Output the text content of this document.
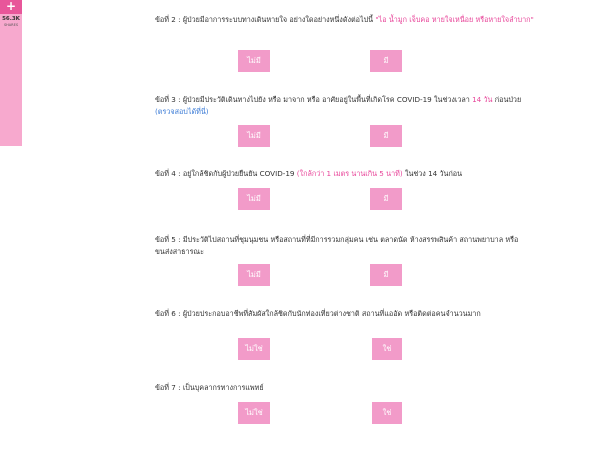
+
56.3K
SHARES
ข้อที่ 2 : ผู้ป่วยมีอาการระบบทางเดินหายใจ อย่างใดอย่างหนึ่งดังต่อไปนี้ "ไอ น้ำมูก เจ็บคอ หายใจเหนื่อย หรือหายใจลำบาก"
ไม่มี	มี
ข้อที่ 3 : ผู้ป่วยมีประวัติเดินทางไปยัง หรือ มาจาก หรือ อาศัยอยู่ในพื้นที่เกิดโรค COVID-19 ในช่วงเวลา 14 วัน ก่อนป่วย (ตรวจสอบได้ที่นี่)
ไม่มี	มี
ข้อที่ 4 : อยู่ใกล้ชิดกับผู้ป่วยยืนยัน COVID-19 (ใกล้กว่า 1 เมตร นานเกิน 5 นาที) ในช่วง 14 วันก่อน
ไม่มี	มี
ข้อที่ 5 : มีประวัติไปสถานที่ชุมนุมชน หรือสถานที่ที่มีการรวมกลุ่มคน เช่น ตลาดนัด ห้างสรรพสินค้า สถานพยาบาล หรือ ขนส่งสาธารณะ
ไม่มี	มี
ข้อที่ 6 : ผู้ป่วยประกอบอาชีพที่สัมผัสใกล้ชิดกับนักท่องเที่ยวต่างชาติ สถานที่แออัด หรือติดต่อคนจำนวนมาก
ไม่ใช่	ใช่
ข้อที่ 7 : เป็นบุคลากรทางการแพทย์
ไม่ใช่	ใช่
